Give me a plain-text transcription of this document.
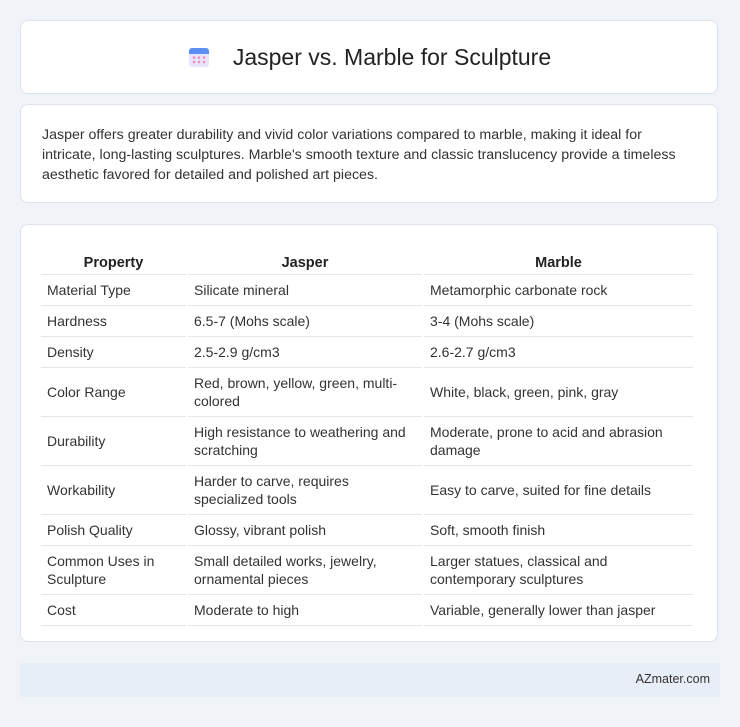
Jasper vs. Marble for Sculpture

Jasper offers greater durability and vivid color variations compared to marble, making it ideal for intricate, long-lasting sculptures. Marble's smooth texture and classic translucency provide a timeless aesthetic favored for detailed and polished art pieces.

Property	Jasper	Marble
Material Type	Silicate mineral	Metamorphic carbonate rock
Hardness	6.5-7 (Mohs scale)	3-4 (Mohs scale)
Density	2.5-2.9 g/cm3	2.6-2.7 g/cm3
Color Range	Red, brown, yellow, green, multi-colored	White, black, green, pink, gray
Durability	High resistance to weathering and scratching	Moderate, prone to acid and abrasion damage
Workability	Harder to carve, requires specialized tools	Easy to carve, suited for fine details
Polish Quality	Glossy, vibrant polish	Soft, smooth finish
Common Uses in Sculpture	Small detailed works, jewelry, ornamental pieces	Larger statues, classical and contemporary sculptures
Cost	Moderate to high	Variable, generally lower than jasper
AZmater.com
